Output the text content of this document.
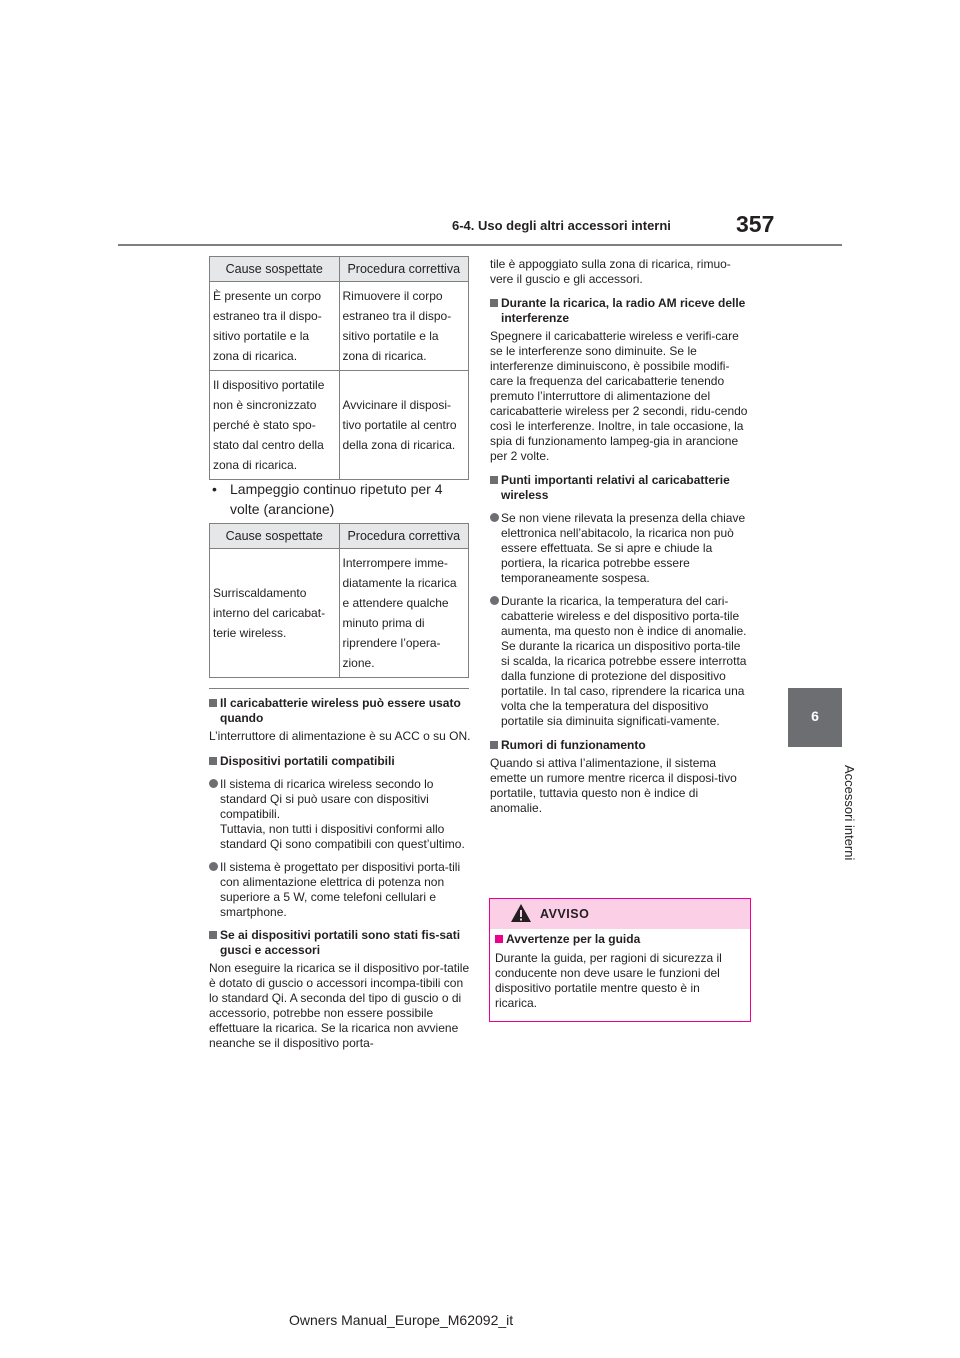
6-4. Uso degli altri accessori interni	357
6
Accessori interni
Cause sospettate	Procedura correttiva
È presente un corpo estraneo tra il dispo-sitivo portatile e la zona di ricarica.	Rimuovere il corpo estraneo tra il dispo-sitivo portatile e la zona di ricarica.
Il dispositivo portatile non è sincronizzato perché è stato spo-stato dal centro della zona di ricarica.	Avvicinare il disposi-tivo portatile al centro della zona di ricarica.
• Lampeggio continuo ripetuto per 4 volte (arancione)
Cause sospettate	Procedura correttiva
Surriscaldamento interno del caricabat-terie wireless.	Interrompere imme-diatamente la ricarica e attendere qualche minuto prima di riprendere l’opera-zione.
Il caricabatterie wireless può essere usato quando
L’interruttore di alimentazione è su ACC o su ON.
Dispositivi portatili compatibili
Il sistema di ricarica wireless secondo lo standard Qi si può usare con dispositivi compatibili.
Tuttavia, non tutti i dispositivi conformi allo standard Qi sono compatibili con quest’ultimo.
Il sistema è progettato per dispositivi porta-tili con alimentazione elettrica di potenza non superiore a 5 W, come telefoni cellulari e smartphone.
Se ai dispositivi portatili sono stati fis-sati gusci e accessori
Non eseguire la ricarica se il dispositivo por-tatile è dotato di guscio o accessori incompa-tibili con lo standard Qi. A seconda del tipo di guscio o di accessorio, potrebbe non essere possibile effettuare la ricarica. Se la ricarica non avviene neanche se il dispositivo porta-
tile è appoggiato sulla zona di ricarica, rimuo-vere il guscio e gli accessori.
Durante la ricarica, la radio AM riceve delle interferenze
Spegnere il caricabatterie wireless e verifi-care se le interferenze sono diminuite. Se le interferenze diminuiscono, è possibile modifi-care la frequenza del caricabatterie tenendo premuto l’interruttore di alimentazione del caricabatterie wireless per 2 secondi, ridu-cendo così le interferenze. Inoltre, in tale occasione, la spia di funzionamento lampeg-gia in arancione per 2 volte.
Punti importanti relativi al caricabatterie wireless
Se non viene rilevata la presenza della chiave elettronica nell’abitacolo, la ricarica non può essere effettuata. Se si apre e chiude la portiera, la ricarica potrebbe essere temporaneamente sospesa.
Durante la ricarica, la temperatura del cari-cabatterie wireless e del dispositivo porta-tile aumenta, ma questo non è indice di anomalie.
Se durante la ricarica un dispositivo porta-tile si scalda, la ricarica potrebbe essere interrotta dalla funzione di protezione del dispositivo portatile. In tal caso, riprendere la ricarica una volta che la temperatura del dispositivo portatile sia diminuita significati-vamente.
Rumori di funzionamento
Quando si attiva l’alimentazione, il sistema emette un rumore mentre ricerca il disposi-tivo portatile, tuttavia questo non è indice di anomalie.
AVVISO
Avvertenze per la guida
Durante la guida, per ragioni di sicurezza il conducente non deve usare le funzioni del dispositivo portatile mentre questo è in ricarica.
Owners Manual_Europe_M62092_it
